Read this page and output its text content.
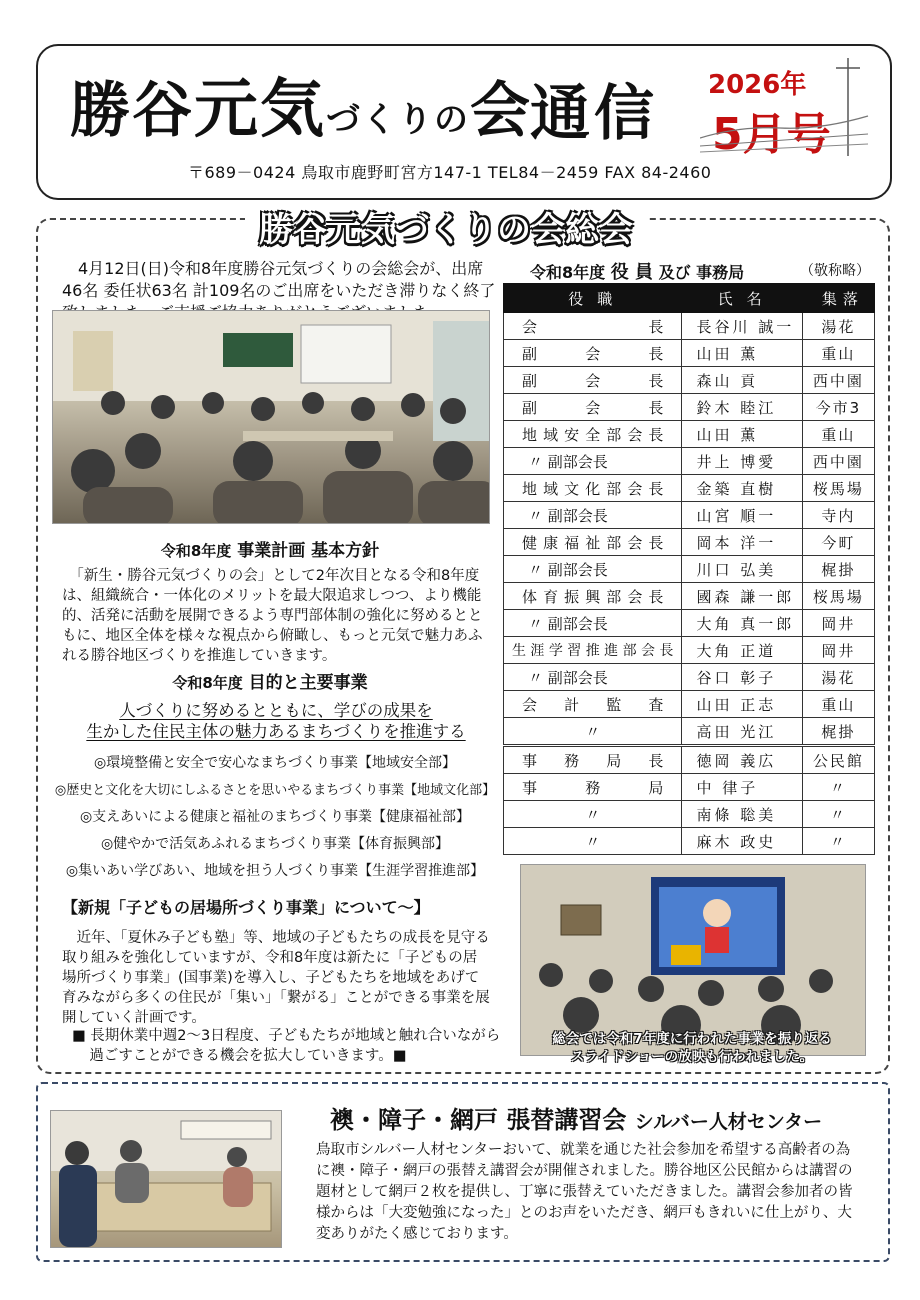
勝谷元気づくりの会
通信 2026年
5月号
〒689－0424 鳥取市鹿野町宮方147-1 TEL84－2459 FAX 84-2460
勝谷元気づくりの会総会
4月12日(日)令和8年度勝谷元気づくりの会総会が、出席46名 委任状63名 計109名のご出席をいただき滞りなく終了
令和8年度 事業計画 基本方針
「新生・勝谷元気づくりの会」として2年次目となる令和8年度は、組織統合・一体化のメリットを最大限追求しつつ、より機能的、活発に活動を展開できるよう専門部体制の強化に努めるとともに、地区全体を様々な視点から俯瞰し、もっと元気で魅力あふれる勝谷地区づくりを推進していきます。
令和8年度 目的と主要事業
人づくりに努めるとともに、学びの成果を
生かした住民主体の魅力あるまちづくりを推進する
◎環境整備と安全で安心なまちづくり事業【地域安全部】
◎歴史と文化を大切にしふるさとを思いやるまちづくり事業【地域文化部】
◎支えあいによる健康と福祉のまちづくり事業【健康福祉部】
◎健やかで活気あふれるまちづくり事業【体育振興部】
◎集いあい学びあい、地域を担う人づくり事業【生涯学習推進部】
【新規「子どもの居場所づくり事業」について～】
近年、「夏休み子ども塾」等、地域の子どもたちの成長を見守る取り組みを強化していますが、令和8年度は新たに「子どもの居場所づくり事業」(国事業)を導入し、子どもたちを地域をあげて育みながら多くの住民が「集い」「繋がる」ことができる事業を展開していく計画です。
■ 長期休業中週2～3日程度、子どもたちが地域と触れ合いながら過ごすことができる機会を拡大していきます。■
令和8年度 役 員 及び 事務局	（敬称略）
役職	氏名	集落
会長	長谷川 誠一	湯花
副会長	山田 薫	重山
副会長	森山 貢	西中園
副会長	鈴木 睦江	今市3
地域安全部会長	山田 薫	重山
〃 副部会長	井上 博愛	西中園
地域文化部会長	金築 直樹	桜馬場
〃 副部会長	山宮 順一	寺内
健康福祉部会長	岡本 洋一	今町
〃 副部会長	川口 弘美	梶掛
体育振興部会長	國森 謙一郎	桜馬場
〃 副部会長	大角 真一郎	岡井
生涯学習推進部会長	大角 正道	岡井
〃 副部会長	谷口 彰子	湯花
会計監査	山田 正志	重山
〃	高田 光江	梶掛
事務局長	徳岡 義広	公民館
事務局	中 律子	〃
〃	南條 聡美	〃
〃	麻木 政史	〃
総会では令和7年度に行われた事業を振り返る
スライドショーの放映も行われました。
襖・障子・網戸 張替講習会 シルバー人材センター
鳥取市シルバー人材センターおいて、就業を通じた社会参加を希望する高齢者の為に襖・障子・網戸の張替え講習会が開催されました。勝谷地区公民館からは講習の題材として網戸２枚を提供し、丁寧に張替えていただきました。講習会参加者の皆様からは「大変勉強になった」とのお声をいただき、網戸もきれいに仕上がり、大変ありがたく感じております。
